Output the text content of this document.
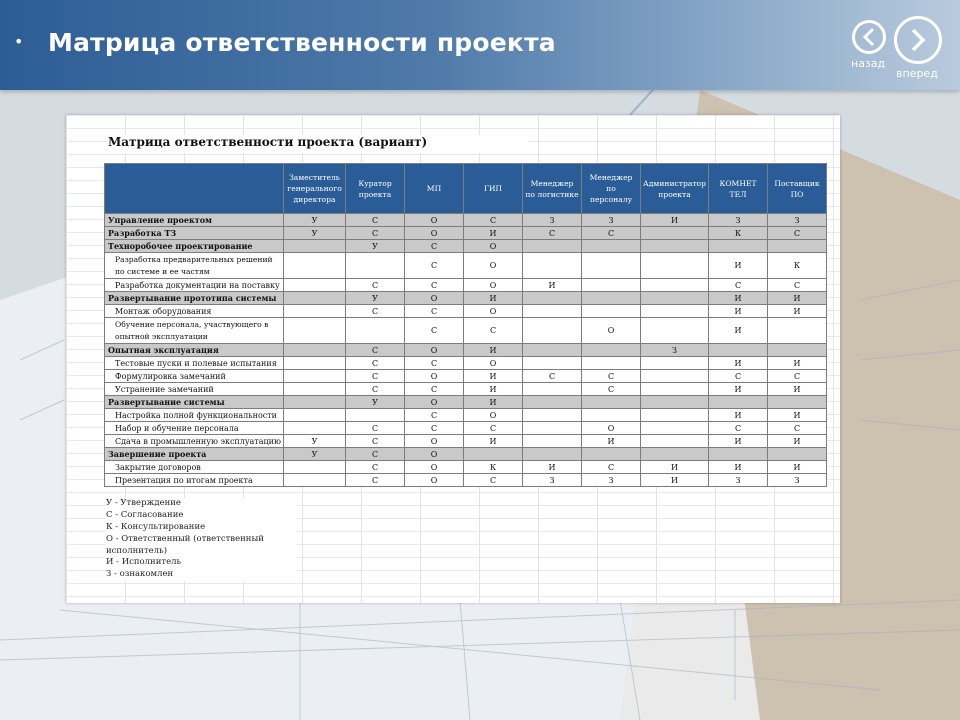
• Матрица ответственности проекта
назад
вперед
Матрица ответственности проекта (вариант)
	Заместитель генерального директора	Куратор проекта	МП	ГИП	Менеджер по логистике	Менеджер по персоналу	Администратор проекта	КОМНЕТ ТЕЛ	Поставщик ПО
Управление проектом	У	С	О	С	З	З	И	З	З
Разработка ТЗ	У	С	О	И	С	С		К	С
Техноробочее проектирование		У	С	О					
Разработка предварительных решений по системе и ее частям			С	О				И	К
Разработка документации на поставку		С	С	О	И			С	С
Развертывание прототипа системы		У	О	И				И	И
Монтаж оборудования		С	С	О				И	И
Обучение персонала, участвующего в опытной эксплуатации			С	С		О		И	
Опытная эксплуатация		С	О	И			З		
Тестовые пуски и полевые испытания		С	С	О				И	И
Формулировка замечаний		С	О	И	С	С		С	С
Устранение замечаний		С	С	И		С		И	И
Развертывание системы		У	О	И					
Настройка полной функциональности			С	О				И	И
Набор и обучение персонала		С	С	С		О		С	С
Сдача в промышленную эксплуатацию	У	С	О	И		И		И	И
Завершение проекта	У	С	О						
Закрытие договоров		С	О	К	И	С	И	И	И
Презентация по итогам проекта		С	О	С	З	З	И	З	З
У - Утверждение
С - Согласование
К - Консультирование
О - Ответственный (ответственный исполнитель)
И - Исполнитель
З - ознакомлен
